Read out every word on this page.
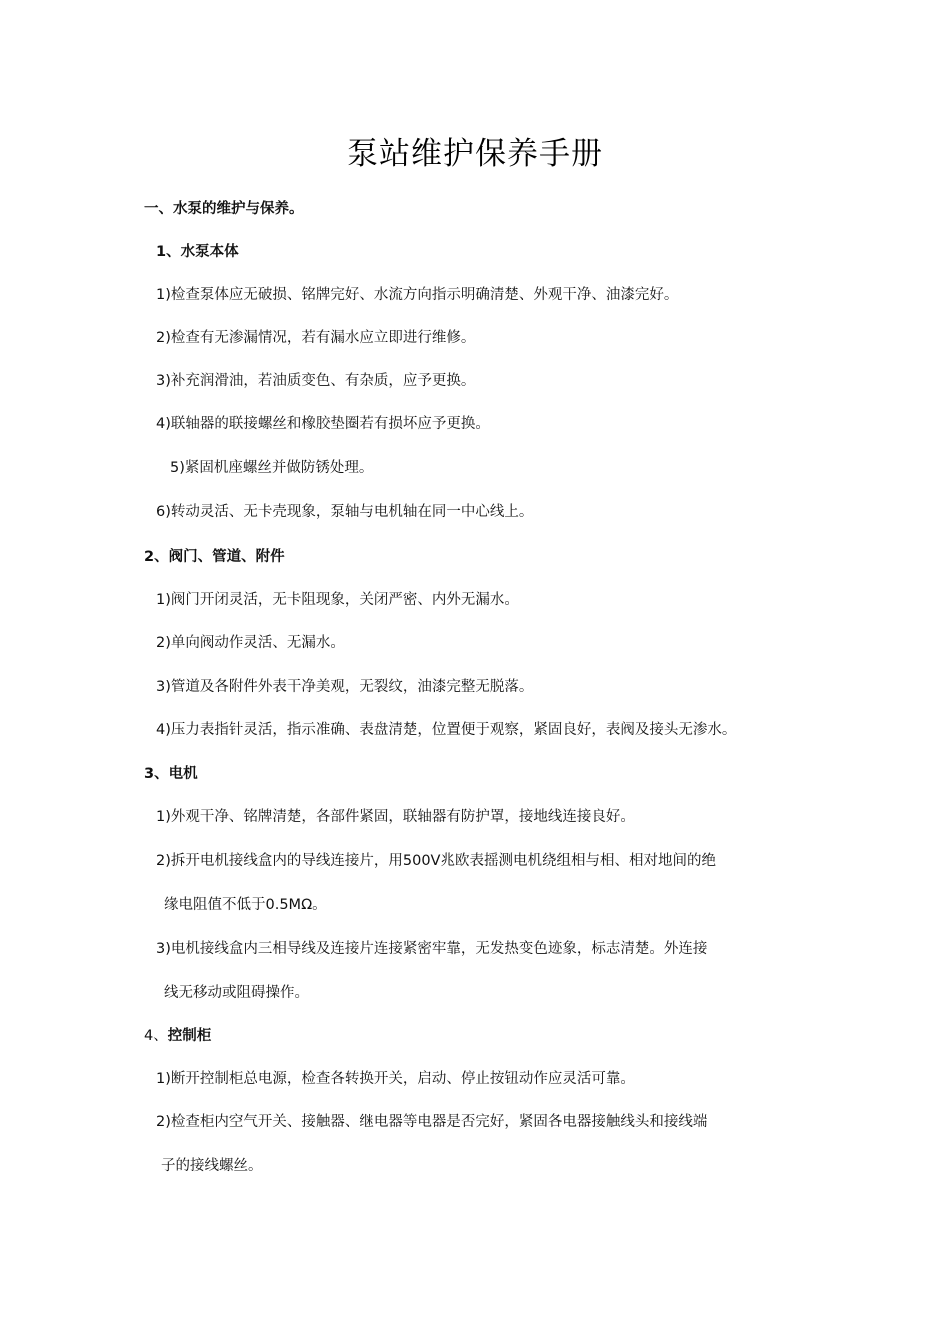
泵站维护保养手册
一、水泵的维护与保养。
1、水泵本体
1)检查泵体应无破损、铭牌完好、水流方向指示明确清楚、外观干净、油漆完好。
2)检查有无渗漏情况，若有漏水应立即进行维修。
3)补充润滑油，若油质变色、有杂质，应予更换。
4)联轴器的联接螺丝和橡胶垫圈若有损坏应予更换。
5)紧固机座螺丝并做防锈处理。
6)转动灵活、无卡壳现象，泵轴与电机轴在同一中心线上。
2、阀门、管道、附件
1)阀门开闭灵活，无卡阻现象，关闭严密、内外无漏水。
2)单向阀动作灵活、无漏水。
3)管道及各附件外表干净美观，无裂纹，油漆完整无脱落。
4)压力表指针灵活，指示准确、表盘清楚，位置便于观察，紧固良好，表阀及接头无渗水。
3、电机
1)外观干净、铭牌清楚，各部件紧固，联轴器有防护罩，接地线连接良好。
2)拆开电机接线盒内的导线连接片，用500V兆欧表摇测电机绕组相与相、相对地间的绝
缘电阻值不低于0.5MΩ。
3)电机接线盒内三相导线及连接片连接紧密牢靠，无发热变色迹象，标志清楚。外连接
线无移动或阻碍操作。
4、控制柜
1)断开控制柜总电源，检查各转换开关，启动、停止按钮动作应灵活可靠。
2)检查柜内空气开关、接触器、继电器等电器是否完好，紧固各电器接触线头和接线端
子的接线螺丝。
